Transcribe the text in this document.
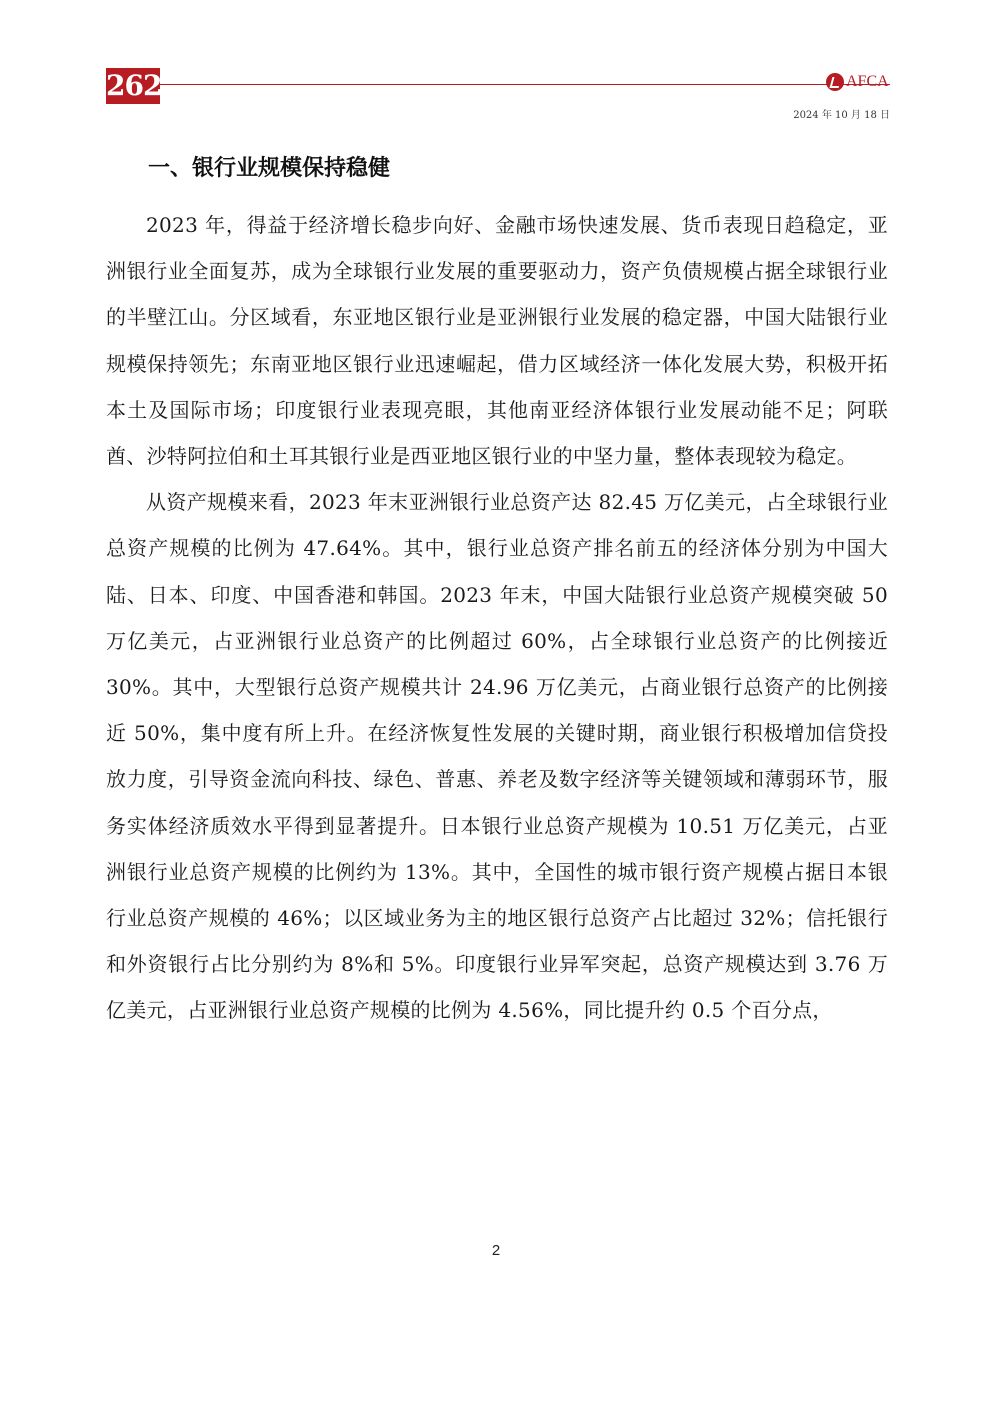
262	AFCA
2024 年 10 月 18 日
一、银行业规模保持稳健

2023 年，得益于经济增长稳步向好、金融市场快速发展、货币表现日趋稳定，亚洲银行业全面复苏，成为全球银行业发展的重要驱动力，资产负债规模占据全球银行业的半壁江山。分区域看，东亚地区银行业是亚洲银行业发展的稳定器，中国大陆银行业规模保持领先；东南亚地区银行业迅速崛起，借力区域经济一体化发展大势，积极开拓本土及国际市场；印度银行业表现亮眼，其他南亚经济体银行业发展动能不足；阿联酋、沙特阿拉伯和土耳其银行业是西亚地区银行业的中坚力量，整体表现较为稳定。

从资产规模来看，2023 年末亚洲银行业总资产达 82.45 万亿美元，占全球银行业总资产规模的比例为 47.64%。其中，银行业总资产排名前五的经济体分别为中国大陆、日本、印度、中国香港和韩国。2023 年末，中国大陆银行业总资产规模突破 50 万亿美元，占亚洲银行业总资产的比例超过 60%，占全球银行业总资产的比例接近 30%。其中，大型银行总资产规模共计 24.96 万亿美元，占商业银行总资产的比例接近 50%，集中度有所上升。在经济恢复性发展的关键时期，商业银行积极增加信贷投放力度，引导资金流向科技、绿色、普惠、养老及数字经济等关键领域和薄弱环节，服务实体经济质效水平得到显著提升。日本银行业总资产规模为 10.51 万亿美元，占亚洲银行业总资产规模的比例约为 13%。其中，全国性的城市银行资产规模占据日本银行业总资产规模的 46%；以区域业务为主的地区银行总资产占比超过 32%；信托银行和外资银行占比分别约为 8%和 5%。印度银行业异军突起，总资产规模达到 3.76 万亿美元，占亚洲银行业总资产规模的比例为 4.56%，同比提升约 0.5 个百分点，

2
